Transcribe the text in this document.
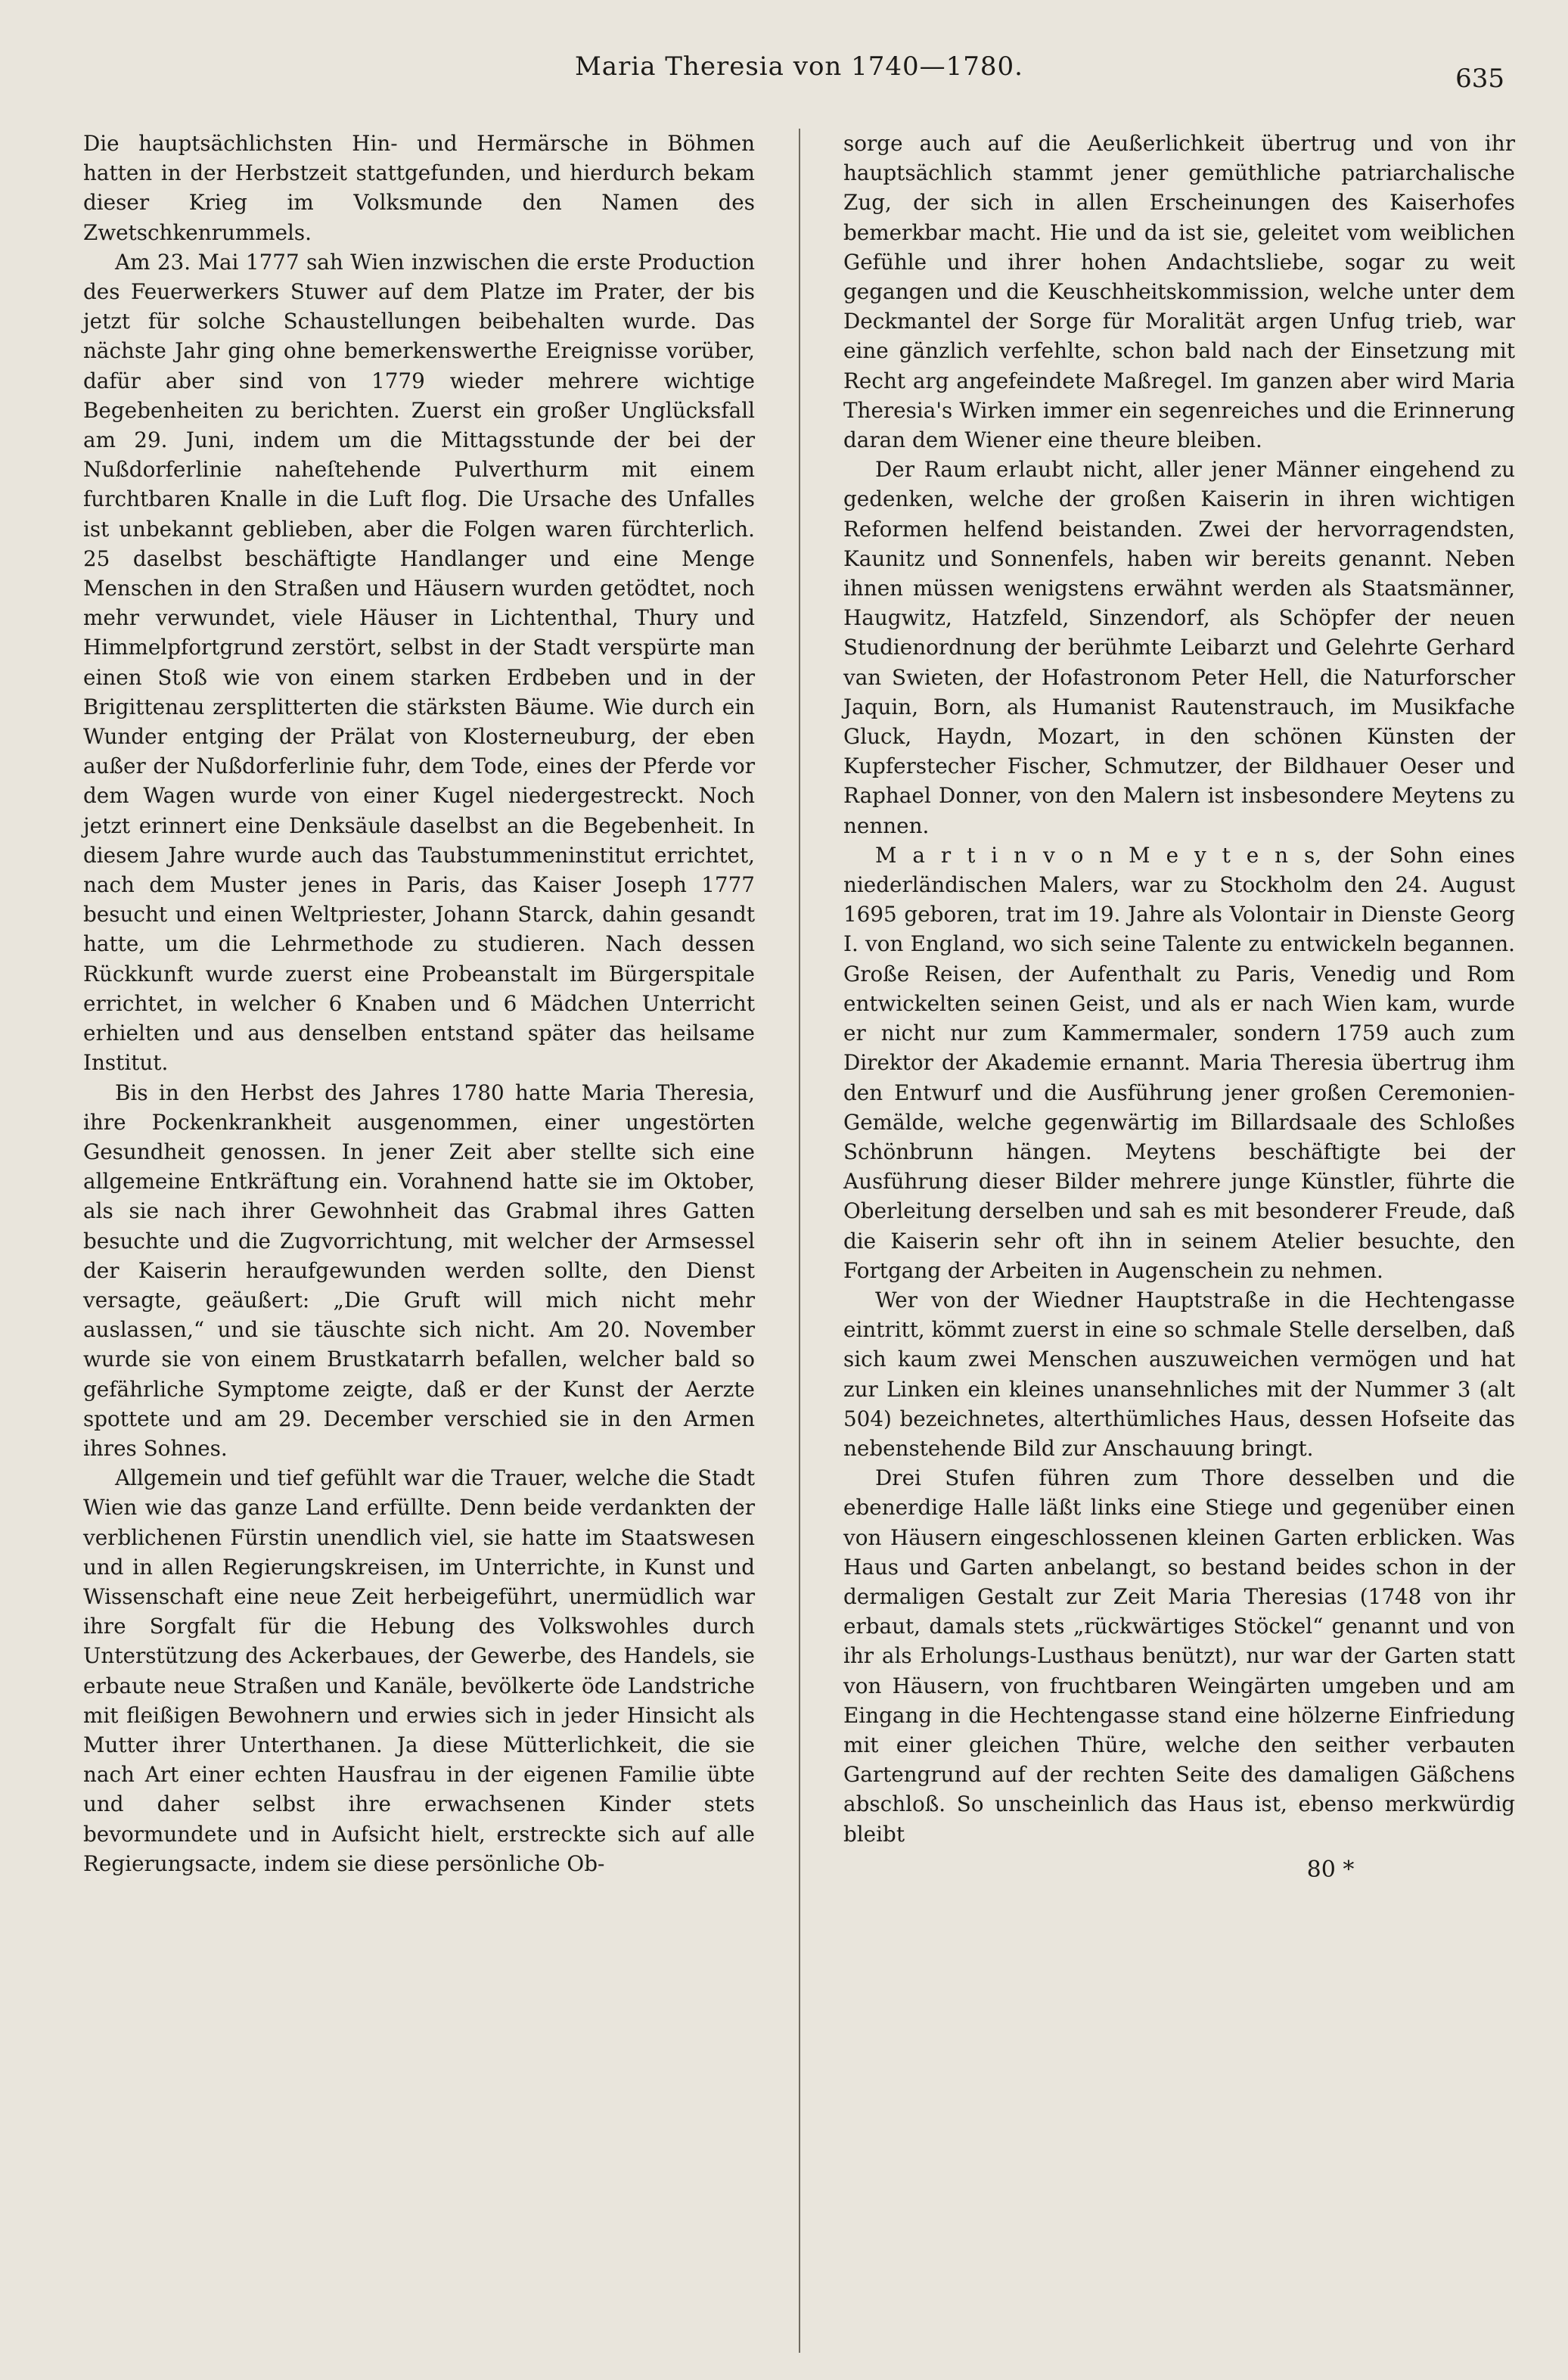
Maria Theresia von 1740—1780.	635

Die hauptsächlichsten Hin- und Hermärsche in Böhmen hatten in der Herbstzeit stattgefunden, und hierdurch bekam dieser Krieg im Volksmunde den Namen des Zwetschkenrummels.

Am 23. Mai 1777 sah Wien inzwischen die erste Production des Feuerwerkers Stuwer auf dem Platze im Prater, der bis jetzt für solche Schaustellungen beibehalten wurde. Das nächste Jahr ging ohne bemerkenswerthe Ereignisse vorüber, dafür aber sind von 1779 wieder mehrere wichtige Begebenheiten zu berichten. Zuerst ein großer Unglücksfall am 29. Juni, indem um die Mittagsstunde der bei der Nußdorferlinie naheſtehende Pulverthurm mit einem furchtbaren Knalle in die Luft flog. Die Ursache des Unfalles ist unbekannt geblieben, aber die Folgen waren fürchterlich. 25 daselbst beschäftigte Handlanger und eine Menge Menschen in den Straßen und Häusern wurden getödtet, noch mehr verwundet, viele Häuser in Lichtenthal, Thury und Himmelpfortgrund zerstört, selbst in der Stadt verspürte man einen Stoß wie von einem starken Erdbeben und in der Brigittenau zersplitterten die stärksten Bäume. Wie durch ein Wunder entging der Prälat von Klosterneuburg, der eben außer der Nußdorferlinie fuhr, dem Tode, eines der Pferde vor dem Wagen wurde von einer Kugel niedergestreckt. Noch jetzt erinnert eine Denksäule daselbst an die Begebenheit. In diesem Jahre wurde auch das Taubstummeninstitut errichtet, nach dem Muster jenes in Paris, das Kaiser Joseph 1777 besucht und einen Weltpriester, Johann Starck, dahin gesandt hatte, um die Lehrmethode zu studieren. Nach dessen Rückkunft wurde zuerst eine Probeanstalt im Bürgerspitale errichtet, in welcher 6 Knaben und 6 Mädchen Unterricht erhielten und aus denselben entstand später das heilsame Institut.

Bis in den Herbst des Jahres 1780 hatte Maria Theresia, ihre Pockenkrankheit ausgenommen, einer ungestörten Gesundheit genossen. In jener Zeit aber stellte sich eine allgemeine Entkräftung ein. Vorahnend hatte sie im Oktober, als sie nach ihrer Gewohnheit das Grabmal ihres Gatten besuchte und die Zugvorrichtung, mit welcher der Armsessel der Kaiserin heraufgewunden werden sollte, den Dienst versagte, geäußert: „Die Gruft will mich nicht mehr auslassen,“ und sie täuschte sich nicht. Am 20. November wurde sie von einem Brustkatarrh befallen, welcher bald so gefährliche Symptome zeigte, daß er der Kunst der Aerzte spottete und am 29. December verschied sie in den Armen ihres Sohnes.

Allgemein und tief gefühlt war die Trauer, welche die Stadt Wien wie das ganze Land erfüllte. Denn beide verdankten der verblichenen Fürstin unendlich viel, sie hatte im Staatswesen und in allen Regierungskreisen, im Unterrichte, in Kunst und Wissenschaft eine neue Zeit herbeigeführt, unermüdlich war ihre Sorgfalt für die Hebung des Volkswohles durch Unterstützung des Ackerbaues, der Gewerbe, des Handels, sie erbaute neue Straßen und Kanäle, bevölkerte öde Landstriche mit fleißigen Bewohnern und erwies sich in jeder Hinsicht als Mutter ihrer Unterthanen. Ja diese Mütterlichkeit, die sie nach Art einer echten Hausfrau in der eigenen Familie übte und daher selbst ihre erwachsenen Kinder stets bevormundete und in Aufsicht hielt, erstreckte sich auf alle Regierungsacte, indem sie diese persönliche Ob-

sorge auch auf die Aeußerlichkeit übertrug und von ihr hauptsächlich stammt jener gemüthliche patriarchalische Zug, der sich in allen Erscheinungen des Kaiserhofes bemerkbar macht. Hie und da ist sie, geleitet vom weiblichen Gefühle und ihrer hohen Andachtsliebe, sogar zu weit gegangen und die Keuschheitskommission, welche unter dem Deckmantel der Sorge für Moralität argen Unfug trieb, war eine gänzlich verfehlte, schon bald nach der Einsetzung mit Recht arg angefeindete Maßregel. Im ganzen aber wird Maria Theresia's Wirken immer ein segenreiches und die Erinnerung daran dem Wiener eine theure bleiben.

Der Raum erlaubt nicht, aller jener Männer eingehend zu gedenken, welche der großen Kaiserin in ihren wichtigen Reformen helfend beistanden. Zwei der hervorragendsten, Kaunitz und Sonnenfels, haben wir bereits genannt. Neben ihnen müssen wenigstens erwähnt werden als Staatsmänner, Haugwitz, Hatzfeld, Sinzendorf, als Schöpfer der neuen Studienordnung der berühmte Leibarzt und Gelehrte Gerhard van Swieten, der Hofastronom Peter Hell, die Naturforscher Jaquin, Born, als Humanist Rautenstrauch, im Musikfache Gluck, Haydn, Mozart, in den schönen Künsten der Kupferstecher Fischer, Schmutzer, der Bildhauer Oeser und Raphael Donner, von den Malern ist insbesondere Meytens zu nennen.

M a r t i n v o n M e y t e n s, der Sohn eines niederländischen Malers, war zu Stockholm den 24. August 1695 geboren, trat im 19. Jahre als Volontair in Dienste Georg I. von England, wo sich seine Talente zu entwickeln begannen. Große Reisen, der Aufenthalt zu Paris, Venedig und Rom entwickelten seinen Geist, und als er nach Wien kam, wurde er nicht nur zum Kammermaler, sondern 1759 auch zum Direktor der Akademie ernannt. Maria Theresia übertrug ihm den Entwurf und die Ausführung jener großen Ceremonien-Gemälde, welche gegenwärtig im Billardsaale des Schloßes Schönbrunn hängen. Meytens beschäftigte bei der Ausführung dieser Bilder mehrere junge Künstler, führte die Oberleitung derselben und sah es mit besonderer Freude, daß die Kaiserin sehr oft ihn in seinem Atelier besuchte, den Fortgang der Arbeiten in Augenschein zu nehmen.

Wer von der Wiedner Hauptstraße in die Hechtengasse eintritt, kömmt zuerst in eine so schmale Stelle derselben, daß sich kaum zwei Menschen auszuweichen vermögen und hat zur Linken ein kleines unansehnliches mit der Nummer 3 (alt 504) bezeichnetes, alterthümliches Haus, dessen Hofseite das nebenstehende Bild zur Anschauung bringt.

Drei Stufen führen zum Thore desselben und die ebenerdige Halle läßt links eine Stiege und gegenüber einen von Häusern eingeschlossenen kleinen Garten erblicken. Was Haus und Garten anbelangt, so bestand beides schon in der dermaligen Gestalt zur Zeit Maria Theresias (1748 von ihr erbaut, damals stets „rückwärtiges Stöckel“ genannt und von ihr als Erholungs-Lusthaus benützt), nur war der Garten statt von Häusern, von fruchtbaren Weingärten umgeben und am Eingang in die Hechtengasse stand eine hölzerne Einfriedung mit einer gleichen Thüre, welche den seither verbauten Gartengrund auf der rechten Seite des damaligen Gäßchens abschloß. So unscheinlich das Haus ist, ebenso merkwürdig bleibt

80 *
